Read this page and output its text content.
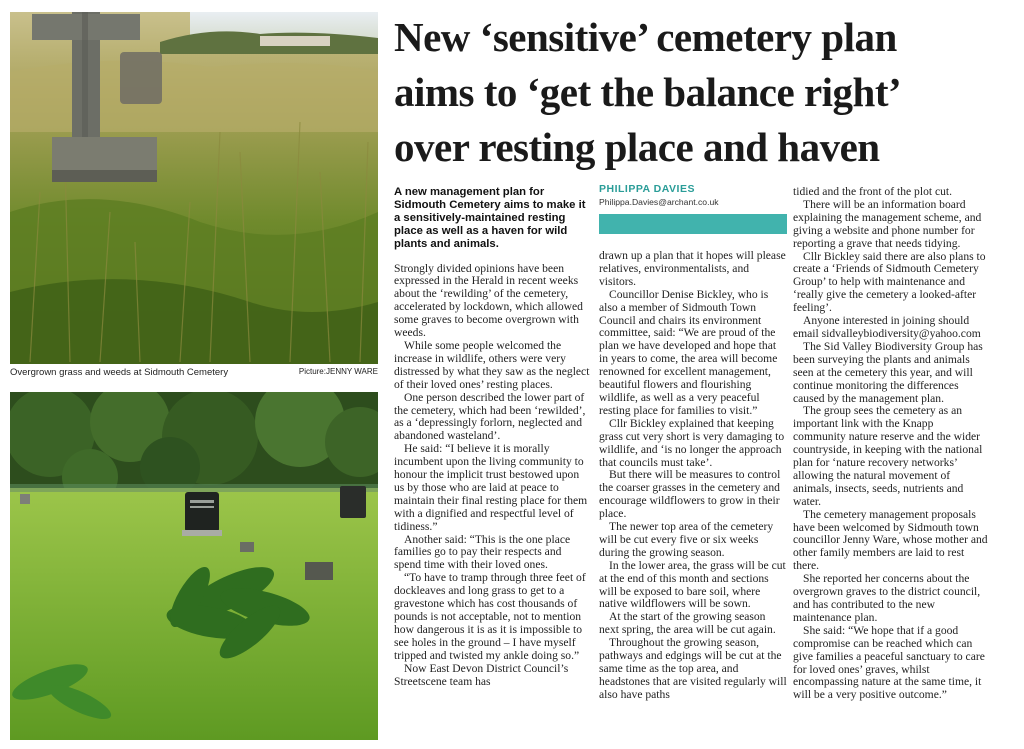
Overgrown grass and weeds at Sidmouth Cemetery	Picture:JENNY WARE
New ‘sensitive’ cemetery plan
aims to ‘get the balance right’
over resting place and haven
A new management plan for Sidmouth Cemetery aims to make it a sensitively-maintained resting place as well as a haven for wild plants and animals.

Strongly divided opinions have been expressed in the Herald in recent weeks about the ‘rewilding’ of the cemetery, accelerated by lockdown, which allowed some graves to become overgrown with weeds.

While some people welcomed the increase in wildlife, others were very distressed by what they saw as the neglect of their loved ones’ resting places.

One person described the lower part of the cemetery, which had been ‘rewilded’, as a ‘depressingly forlorn, neglected and abandoned wasteland’.

He said: “I believe it is morally incumbent upon the living community to honour the implicit trust bestowed upon us by those who are laid at peace to maintain their final resting place for them with a dignified and respectful level of tidiness.”

Another said: “This is the one place families go to pay their respects and spend time with their loved ones.

“To have to tramp through three feet of dockleaves and long grass to get to a gravestone which has cost thousands of pounds is not acceptable, not to mention how dangerous it is as it is impossible to see holes in the ground – I have myself tripped and twisted my ankle doing so.”

Now East Devon District Council’s Streetscene team has

PHILIPPA DAVIES
Philippa.Davies@archant.co.uk

drawn up a plan that it hopes will please relatives, environmentalists, and visitors.

Councillor Denise Bickley, who is also a member of Sidmouth Town Council and chairs its environment committee, said: “We are proud of the plan we have developed and hope that in years to come, the area will become renowned for excellent management, beautiful flowers and flourishing wildlife, as well as a very peaceful resting place for families to visit.”

Cllr Bickley explained that keeping grass cut very short is very damaging to wildlife, and ‘is no longer the approach that councils must take’.

But there will be measures to control the coarser grasses in the cemetery and encourage wildflowers to grow in their place.

The newer top area of the cemetery will be cut every five or six weeks during the growing season.

In the lower area, the grass will be cut at the end of this month and sections will be exposed to bare soil, where native wildflowers will be sown.

At the start of the growing season next spring, the area will be cut again.

Throughout the growing season, pathways and edgings will be cut at the same time as the top area, and headstones that are visited regularly will also have paths

tidied and the front of the plot cut.

There will be an information board explaining the management scheme, and giving a website and phone number for reporting a grave that needs tidying.

Cllr Bickley said there are also plans to create a ‘Friends of Sidmouth Cemetery Group’ to help with maintenance and ‘really give the cemetery a looked-after feeling’.

Anyone interested in joining should email sidvalleybiodiversity@yahoo.com

The Sid Valley Biodiversity Group has been surveying the plants and animals seen at the cemetery this year, and will continue monitoring the differences caused by the management plan.

The group sees the cemetery as an important link with the Knapp community nature reserve and the wider countryside, in keeping with the national plan for ‘nature recovery networks’ allowing the natural movement of animals, insects, seeds, nutrients and water.

The cemetery management proposals have been welcomed by Sidmouth town councillor Jenny Ware, whose mother and other family members are laid to rest there.

She reported her concerns about the overgrown graves to the district council, and has contributed to the new maintenance plan.

She said: “We hope that if a good compromise can be reached which can give families a peaceful sanctuary to care for loved ones’ graves, whilst encompassing nature at the same time, it will be a very positive outcome.”
